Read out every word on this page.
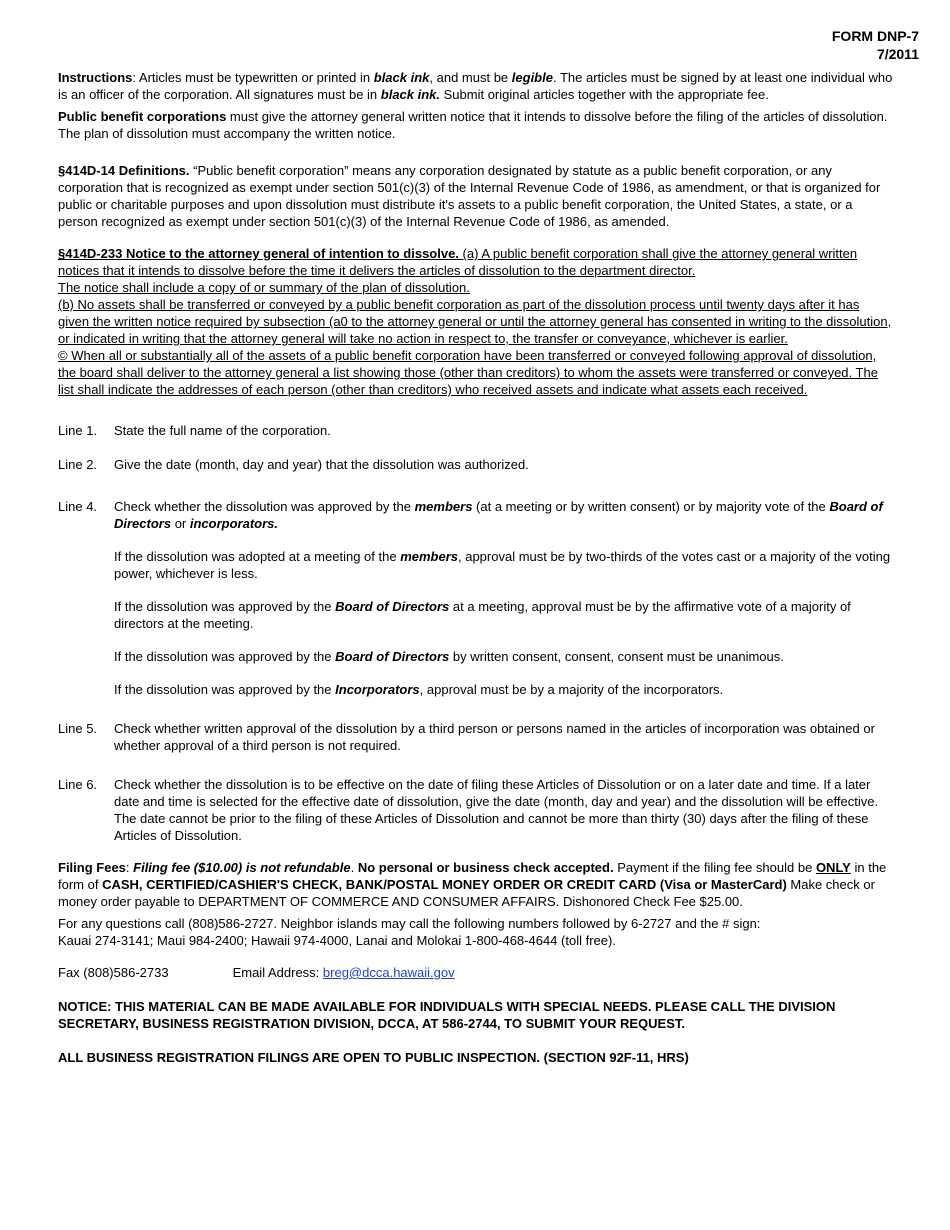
FORM DNP-7
7/2011

Instructions: Articles must be typewritten or printed in black ink, and must be legible. The articles must be signed by at least one individual who is an officer of the corporation. All signatures must be in black ink. Submit original articles together with the appropriate fee.

Public benefit corporations must give the attorney general written notice that it intends to dissolve before the filing of the articles of dissolution. The plan of dissolution must accompany the written notice.

§414D-14 Definitions. “Public benefit corporation” means any corporation designated by statute as a public benefit corporation, or any corporation that is recognized as exempt under section 501(c)(3) of the Internal Revenue Code of 1986, as amendment, or that is organized for public or charitable purposes and upon dissolution must distribute it's assets to a public benefit corporation, the United States, a state, or a person recognized as exempt under section 501(c)(3) of the Internal Revenue Code of 1986, as amended.

§414D-233 Notice to the attorney general of intention to dissolve. (a) A public benefit corporation shall give the attorney general written notices that it intends to dissolve before the time it delivers the articles of dissolution to the department director.

The notice shall include a copy of or summary of the plan of dissolution.

(b) No assets shall be transferred or conveyed by a public benefit corporation as part of the dissolution process until twenty days after it has given the written notice required by subsection (a0 to the attorney general or until the attorney general has consented in writing to the dissolution, or indicated in writing that the attorney general will take no action in respect to, the transfer or conveyance, whichever is earlier.

© When all or substantially all of the assets of a public benefit corporation have been transferred or conveyed following approval of dissolution, the board shall deliver to the attorney general a list showing those (other than creditors) to whom the assets were transferred or conveyed. The list shall indicate the addresses of each person (other than creditors) who received assets and indicate what assets each received.

Line 1. State the full name of the corporation.

Line 2. Give the date (month, day and year) that the dissolution was authorized.

Line 4. Check whether the dissolution was approved by the members (at a meeting or by written consent) or by majority vote of the Board of Directors or incorporators.

If the dissolution was adopted at a meeting of the members, approval must be by two-thirds of the votes cast or a majority of the voting power, whichever is less.

If the dissolution was approved by the Board of Directors at a meeting, approval must be by the affirmative vote of a majority of directors at the meeting.

If the dissolution was approved by the Board of Directors by written consent, consent, consent must be unanimous.

If the dissolution was approved by the Incorporators, approval must be by a majority of the incorporators.

Line 5. Check whether written approval of the dissolution by a third person or persons named in the articles of incorporation was obtained or whether approval of a third person is not required.

Line 6. Check whether the dissolution is to be effective on the date of filing these Articles of Dissolution or on a later date and time. If a later date and time is selected for the effective date of dissolution, give the date (month, day and year) and the dissolution will be effective. The date cannot be prior to the filing of these Articles of Dissolution and cannot be more than thirty (30) days after the filing of these Articles of Dissolution.

Filing Fees: Filing fee ($10.00) is not refundable. No personal or business check accepted. Payment if the filing fee should be ONLY in the form of CASH, CERTIFIED/CASHIER'S CHECK, BANK/POSTAL MONEY ORDER OR CREDIT CARD (Visa or MasterCard) Make check or money order payable to DEPARTMENT OF COMMERCE AND CONSUMER AFFAIRS. Dishonored Check Fee $25.00.

For any questions call (808)586-2727. Neighbor islands may call the following numbers followed by 6-2727 and the # sign:

Kauai 274-3141; Maui 984-2400; Hawaii 974-4000, Lanai and Molokai 1-800-468-4644 (toll free).

Fax (808)586-2733	Email Address: breg@dcca.hawaii.gov

NOTICE: THIS MATERIAL CAN BE MADE AVAILABLE FOR INDIVIDUALS WITH SPECIAL NEEDS. PLEASE CALL THE DIVISION SECRETARY, BUSINESS REGISTRATION DIVISION, DCCA, AT 586-2744, TO SUBMIT YOUR REQUEST.

ALL BUSINESS REGISTRATION FILINGS ARE OPEN TO PUBLIC INSPECTION. (SECTION 92F-11, HRS)
